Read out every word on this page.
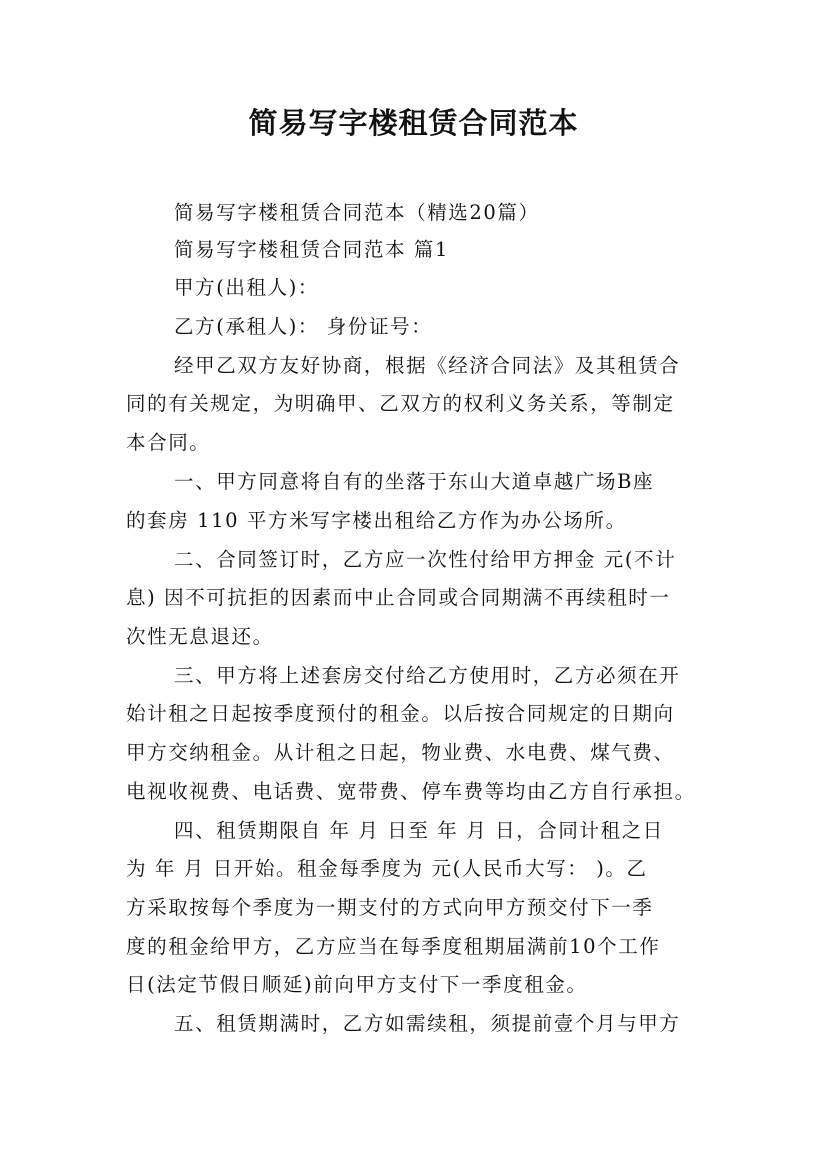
简易写字楼租赁合同范本
简易写字楼租赁合同范本（精选20篇）
简易写字楼租赁合同范本 篇1
甲方(出租人)：
乙方(承租人)： 身份证号：
经甲乙双方友好协商，根据《经济合同法》及其租赁合
同的有关规定，为明确甲、乙双方的权利义务关系，等制定
本合同。
一、甲方同意将自有的坐落于东山大道卓越广场B座
的套房 110 平方米写字楼出租给乙方作为办公场所。
二、合同签订时，乙方应一次性付给甲方押金 元(不计
息) 因不可抗拒的因素而中止合同或合同期满不再续租时一
次性无息退还。
三、甲方将上述套房交付给乙方使用时，乙方必须在开
始计租之日起按季度预付的租金。以后按合同规定的日期向
甲方交纳租金。从计租之日起，物业费、水电费、煤气费、
电视收视费、电话费、宽带费、停车费等均由乙方自行承担。
四、租赁期限自 年 月 日至 年 月 日，合同计租之日
为 年 月 日开始。租金每季度为 元(人民币大写： )。乙
方采取按每个季度为一期支付的方式向甲方预交付下一季
度的租金给甲方，乙方应当在每季度租期届满前10个工作
日(法定节假日顺延)前向甲方支付下一季度租金。
五、租赁期满时，乙方如需续租，须提前壹个月与甲方
